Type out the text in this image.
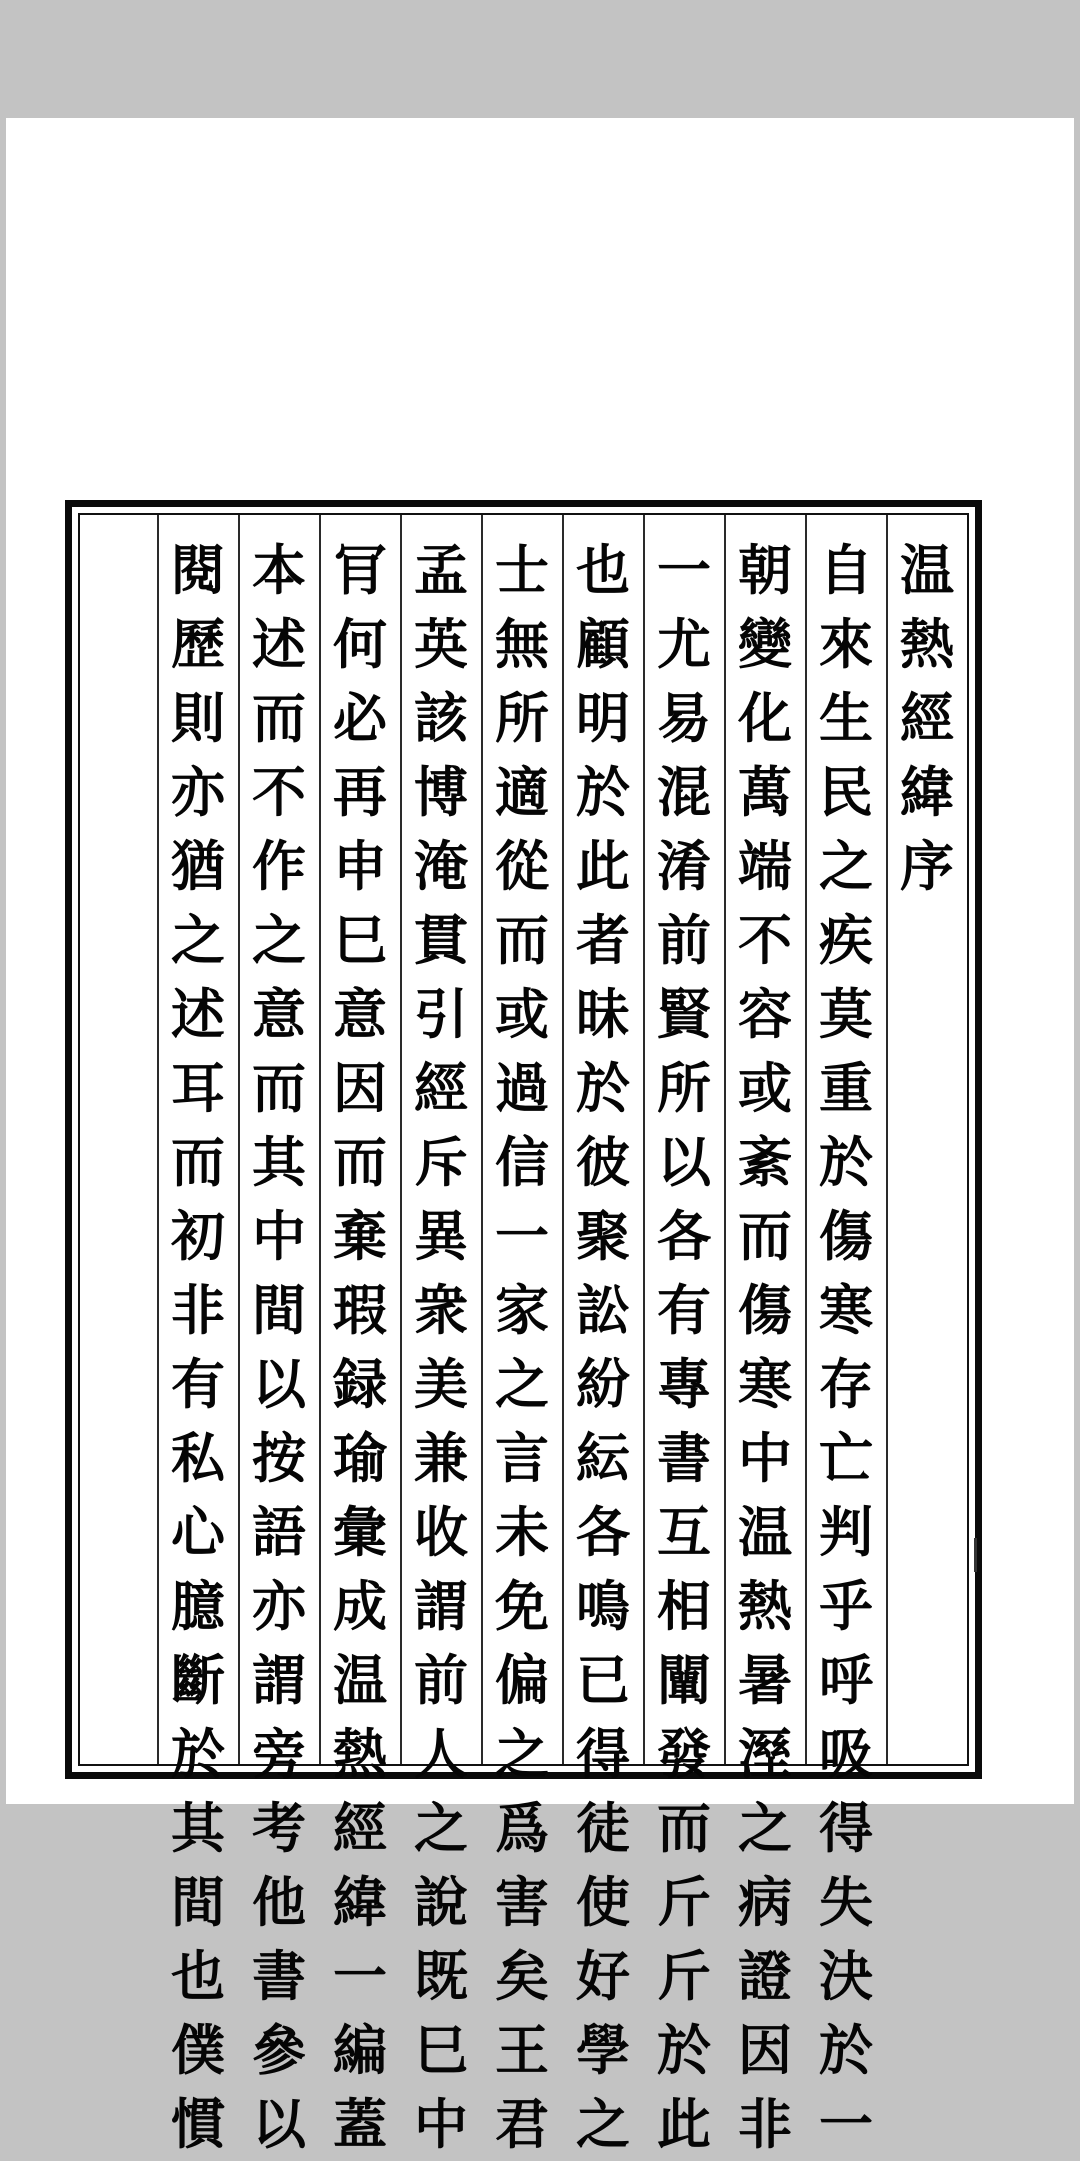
温
熱
經
緯
序
自
來
生
民
之
疾
莫
重
於
傷
寒
存
亡
判
乎
呼
吸
得
失
決
於
一
朝
變
化
萬
端
不
容
或
紊
而
傷
寒
中
温
熱
暑
溼
之
病
證
因
非
一
尤
易
混
淆
前
賢
所
以
各
有
專
書
互
相
闡
發
而
斤
斤
於
此
也
顧
明
於
此
者
昧
於
彼
聚
訟
紛
紜
各
鳴
已
得
徒
使
好
學
之
士
無
所
適
從
而
或
過
信
一
家
之
言
未
免
偏
之
爲
害
矣
王
君
孟
英
該
博
淹
貫
引
經
斥
異
衆
美
兼
收
謂
前
人
之
說
既
巳
中
肎
何
必
再
申
巳
意
因
而
棄
瑕
録
瑜
彙
成
温
熱
經
緯
一
編
蓋
本
述
而
不
作
之
意
而
其
中
間
以
按
語
亦
謂
旁
考
他
書
參
以
閱
歷
則
亦
猶
之
述
耳
而
初
非
有
私
心
臆
斷
於
其
間
也
僕
慣
